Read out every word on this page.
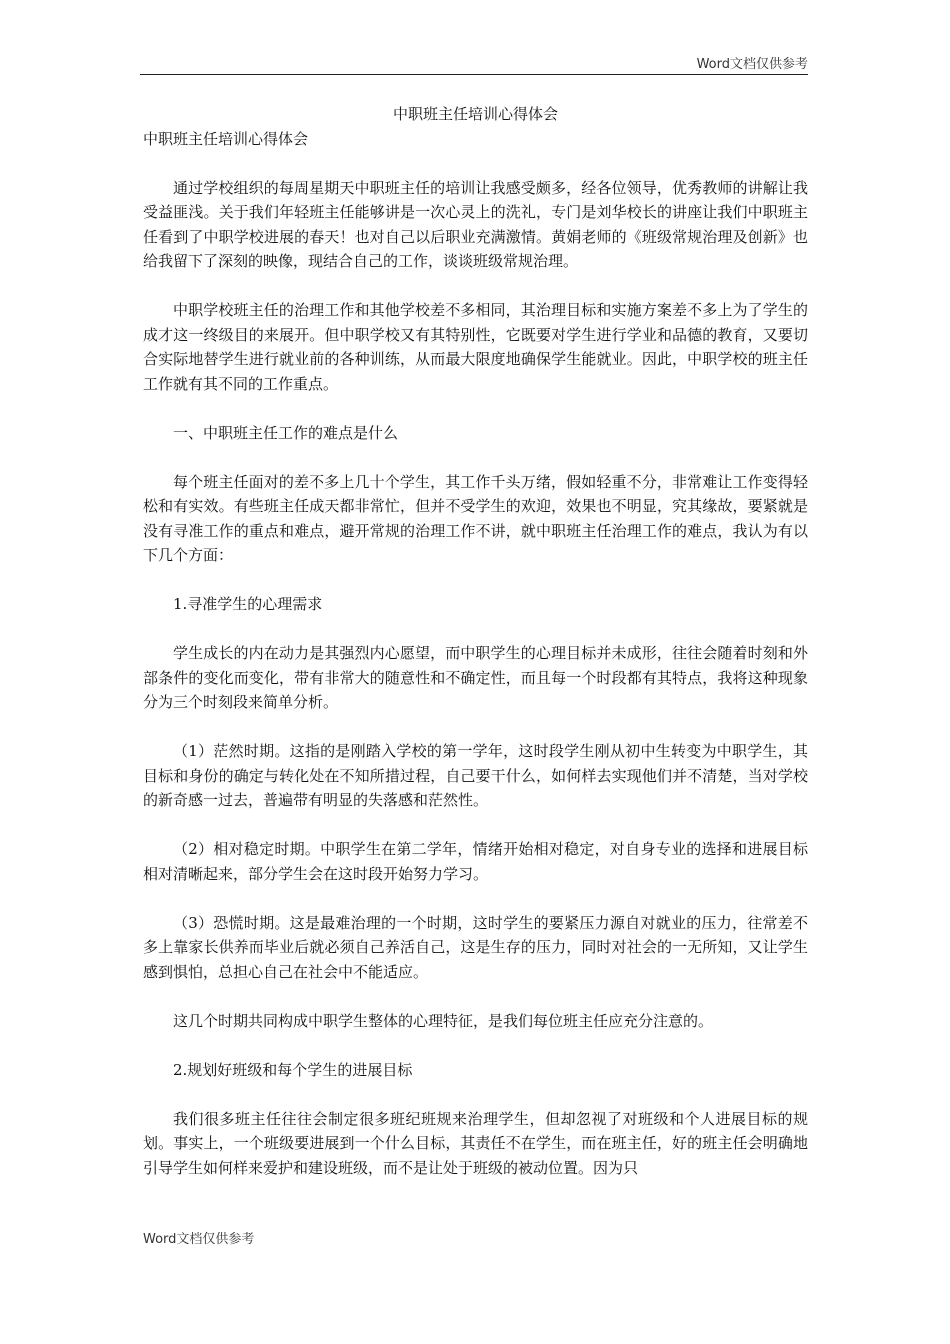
Word文档仅供参考

中职班主任培训心得体会

中职班主任培训心得体会

通过学校组织的每周星期天中职班主任的培训让我感受颇多，经各位领导，优秀教师的讲解让我受益匪浅。关于我们年轻班主任能够讲是一次心灵上的洗礼，专门是刘华校长的讲座让我们中职班主任看到了中职学校进展的春天！也对自己以后职业充满激情。黄娟老师的《班级常规治理及创新》也给我留下了深刻的映像，现结合自己的工作，谈谈班级常规治理。

中职学校班主任的治理工作和其他学校差不多相同，其治理目标和实施方案差不多上为了学生的成才这一终级目的来展开。但中职学校又有其特别性，它既要对学生进行学业和品德的教育，又要切合实际地替学生进行就业前的各种训练，从而最大限度地确保学生能就业。因此，中职学校的班主任工作就有其不同的工作重点。

一、中职班主任工作的难点是什么

每个班主任面对的差不多上几十个学生，其工作千头万绪，假如轻重不分，非常难让工作变得轻松和有实效。有些班主任成天都非常忙，但并不受学生的欢迎，效果也不明显，究其缘故，要紧就是没有寻准工作的重点和难点，避开常规的治理工作不讲，就中职班主任治理工作的难点，我认为有以下几个方面：

1.寻准学生的心理需求

学生成长的内在动力是其强烈内心愿望，而中职学生的心理目标并未成形，往往会随着时刻和外部条件的变化而变化，带有非常大的随意性和不确定性，而且每一个时段都有其特点，我将这种现象分为三个时刻段来简单分析。

（1）茫然时期。这指的是刚踏入学校的第一学年，这时段学生刚从初中生转变为中职学生，其目标和身份的确定与转化处在不知所措过程，自己要干什么，如何样去实现他们并不清楚，当对学校的新奇感一过去，普遍带有明显的失落感和茫然性。

（2）相对稳定时期。中职学生在第二学年，情绪开始相对稳定，对自身专业的选择和进展目标相对清晰起来，部分学生会在这时段开始努力学习。

（3）恐慌时期。这是最难治理的一个时期，这时学生的要紧压力源自对就业的压力，往常差不多上靠家长供养而毕业后就必须自己养活自己，这是生存的压力，同时对社会的一无所知，又让学生感到惧怕，总担心自己在社会中不能适应。

这几个时期共同构成中职学生整体的心理特征，是我们每位班主任应充分注意的。

2.规划好班级和每个学生的进展目标

我们很多班主任往往会制定很多班纪班规来治理学生，但却忽视了对班级和个人进展目标的规划。事实上，一个班级要进展到一个什么目标，其责任不在学生，而在班主任，好的班主任会明确地引导学生如何样来爱护和建设班级，而不是让处于班级的被动位置。因为只

Word文档仅供参考
